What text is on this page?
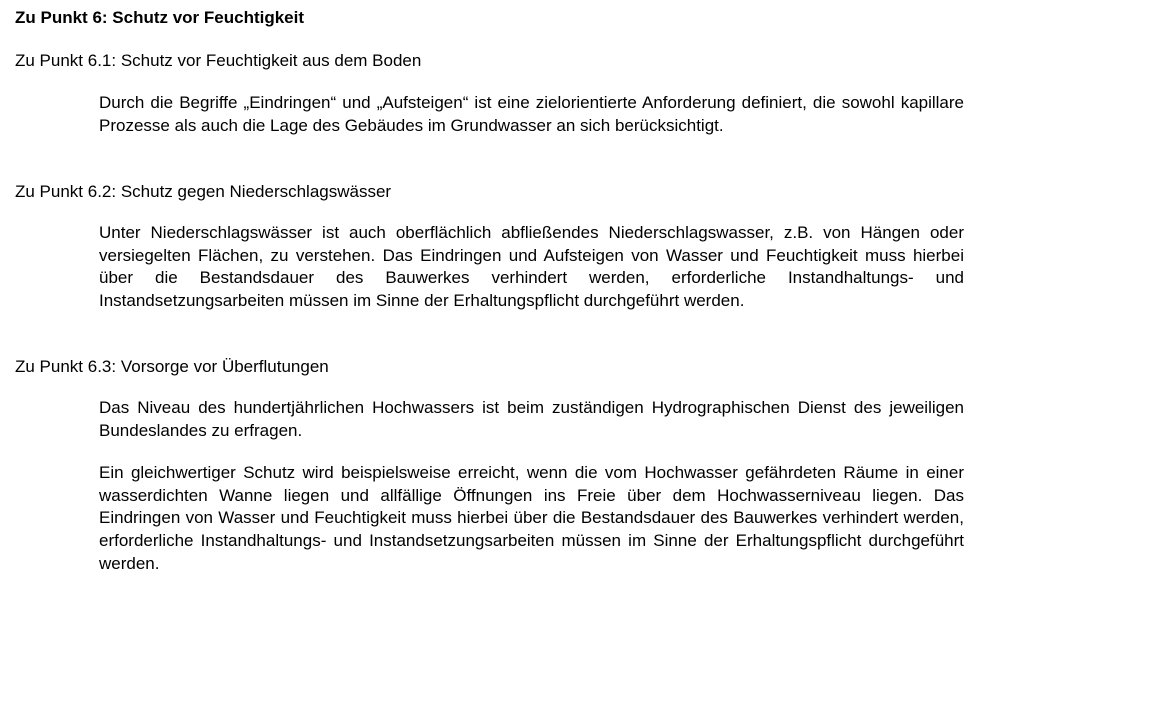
Zu Punkt 6: Schutz vor Feuchtigkeit
Zu Punkt 6.1: Schutz vor Feuchtigkeit aus dem Boden

Durch die Begriffe „Eindringen“ und „Aufsteigen“ ist eine zielorientierte Anforderung definiert, die sowohl kapillare Prozesse als auch die Lage des Gebäudes im Grundwasser an sich berücksichtigt.

Zu Punkt 6.2: Schutz gegen Niederschlagswässer

Unter Niederschlagswässer ist auch oberflächlich abfließendes Niederschlagswasser, z.B. von Hängen oder versiegelten Flächen, zu verstehen. Das Eindringen und Aufsteigen von Wasser und Feuchtigkeit muss hierbei über die Bestandsdauer des Bauwerkes verhindert werden, erforderliche Instandhaltungs- und Instandsetzungsarbeiten müssen im Sinne der Erhaltungspflicht durchgeführt werden.

Zu Punkt 6.3: Vorsorge vor Überflutungen

Das Niveau des hundertjährlichen Hochwassers ist beim zuständigen Hydrographischen Dienst des jeweiligen Bundeslandes zu erfragen.

Ein gleichwertiger Schutz wird beispielsweise erreicht, wenn die vom Hochwasser gefährdeten Räume in einer wasserdichten Wanne liegen und allfällige Öffnungen ins Freie über dem Hochwasserniveau liegen. Das Eindringen von Wasser und Feuchtigkeit muss hierbei über die Bestandsdauer des Bauwerkes verhindert werden, erforderliche Instandhaltungs- und Instandsetzungsarbeiten müssen im Sinne der Erhaltungspflicht durchgeführt werden.
